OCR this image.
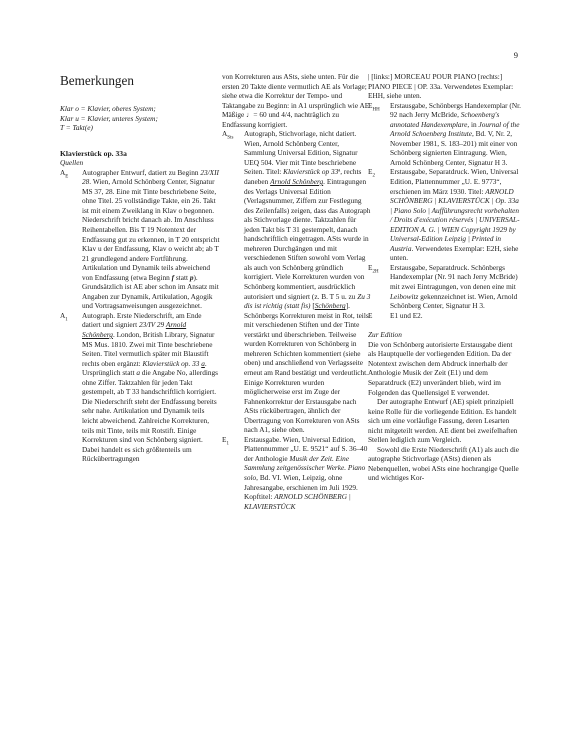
9
Bemerkungen

Klar o = Klavier, oberes System;

Klar u = Klavier, unteres System;

T = Takt(e)

Klavierstück op. 33a
Quellen
$A_E$ Autographer Entwurf, datiert zu Beginn 23/XII 28. Wien, Arnold Schönberg Center, Signatur MS 37, 28. Eine mit Tinte beschriebene Seite, ohne Titel. 25 vollständige Takte, ein 26. Takt ist mit einem Zweiklang in Klav o begonnen. Niederschrift bricht danach ab. Im Anschluss Reihentabellen. Bis T 19 Notentext der Endfassung gut zu erkennen, in T 20 entspricht Klav u der Endfassung, Klav o weicht ab; ab T 21 grundlegend andere Fortführung. Artikulation und Dynamik teils abweichend von Endfassung (etwa Beginn f statt p). Grundsätzlich ist AE aber schon im Ansatz mit Angaben zur Dynamik, Artikulation, Agogik und Vortragsanweisungen ausgezeichnet.

$A_1$ Autograph. Erste Niederschrift, am Ende datiert und signiert 23/IV 29 Arnold Schönberg. London, British Library, Signatur MS Mus. 1810. Zwei mit Tinte beschriebene Seiten. Titel vermutlich später mit Blaustift rechts oben ergänzt: Klavierstück op. 33 a. Ursprünglich statt a die Angabe No, allerdings ohne Ziffer. Taktzahlen für jeden Takt gestempelt, ab T 33 handschriftlich korrigiert. Die Niederschrift steht der Endfassung bereits sehr nahe. Artikulation und Dynamik teils leicht abweichend. Zahlreiche Korrekturen, teils mit Tinte, teils mit Rotstift. Einige Korrekturen sind von Schönberg signiert. Dabei handelt es sich größtenteils um Rückübertragungen

von Korrekturen aus ASts, siehe unten. Für die ersten 20 Takte diente vermutlich AE als Vorlage; siehe etwa die Korrektur der Tempo- und Taktangabe zu Beginn: in A1 ursprünglich wie AE Mäßige ♩= 60 und 4/4, nachträglich zu Endfassung korrigiert.

$A_{Sts}$ Autograph, Stichvorlage, nicht datiert. Wien, Arnold Schönberg Center, Sammlung Universal Edition, Signatur UEQ 504. Vier mit Tinte beschriebene Seiten. Titel: Klavierstück op 33ª, rechts daneben Arnold Schönberg. Eintragungen des Verlags Universal Edition (Verlagsnummer, Ziffern zur Festlegung des Zeilenfalls) zeigen, dass das Autograph als Stichvorlage diente. Taktzahlen für jeden Takt bis T 31 gestempelt, danach handschriftlich eingetragen. ASts wurde in mehreren Durchgängen und mit verschiedenen Stiften sowohl vom Verlag als auch von Schönberg gründlich korrigiert. Viele Korrekturen wurden von Schönberg kommentiert, ausdrücklich autorisiert und signiert (z. B. T 5 u. zu Zu 3 dis ist richtig (statt fis) [Schönberg]. Schönbergs Korrekturen meist in Rot, teils mit verschiedenen Stiften und der Tinte verstärkt und überschrieben. Teilweise wurden Korrekturen von Schönberg in mehreren Schichten kommentiert (siehe oben) und anschließend von Verlagsseite erneut am Rand bestätigt und verdeutlicht. Einige Korrekturen wurden möglicherweise erst im Zuge der Fahnenkorrektur der Erstausgabe nach ASts rückübertragen, ähnlich der Übertragung von Korrekturen von ASts nach A1, siehe oben.

$E_1$ Erstausgabe. Wien, Universal Edition, Plattennummer „U. E. 9521“ auf S. 36–40 der Anthologie Musik der Zeit. Eine Sammlung zeitgenössischer Werke. Piano solo, Bd. VI. Wien, Leipzig, ohne Jahresangabe, erschienen im Juli 1929. Kopftitel: ARNOLD SCHÖNBERG | KLAVIERSTÜCK

| [links:] MORCEAU POUR PIANO [rechts:] PIANO PIECE | OP. 33a. Verwendetes Exemplar: EHH, siehe unten.

$E_{HH}$ Erstausgabe, Schönbergs Handexemplar (Nr. 92 nach Jerry McBride, Schoenberg's annotated Handexemplare, in Journal of the Arnold Schoenberg Institute, Bd. V, Nr. 2, November 1981, S. 183–201) mit einer von Schönberg signierten Eintragung. Wien, Arnold Schönberg Center, Signatur H 3.

$E_2$ Erstausgabe, Separatdruck. Wien, Universal Edition, Plattennummer „U. E. 9773“, erschienen im März 1930. Titel: ARNOLD SCHÖNBERG | KLAVIERSTÜCK | Op. 33a | Piano Solo | Aufführungsrecht vorbehalten / Droits d'exécution réservés | UNIVERSAL-EDITION A. G. | WIEN Copyright 1929 by Universal-Edition Leipzig | Printed in Austria. Verwendetes Exemplar: E2H, siehe unten.

$E_{2H}$ Erstausgabe, Separatdruck. Schönbergs Handexemplar (Nr. 91 nach Jerry McBride) mit zwei Eintragungen, von denen eine mit Leibowitz gekennzeichnet ist. Wien, Arnold Schönberg Center, Signatur H 3.

E E1 und E2.

Zur Edition

Die von Schönberg autorisierte Erstausgabe dient als Hauptquelle der vorliegenden Edition. Da der Notentext zwischen dem Abdruck innerhalb der Anthologie Musik der Zeit (E1) und dem Separatdruck (E2) unverändert blieb, wird im Folgenden das Quellensigel E verwendet.

Der autographe Entwurf (AE) spielt prinzipiell keine Rolle für die vorliegende Edition. Es handelt sich um eine vorläufige Fassung, deren Lesarten nicht mitgeteilt werden. AE dient bei zweifelhaften Stellen lediglich zum Vergleich.

Sowohl die Erste Niederschrift (A1) als auch die autographe Stichvorlage (ASts) dienen als Nebenquellen, wobei ASts eine hochrangige Quelle und wichtiges Kor-
